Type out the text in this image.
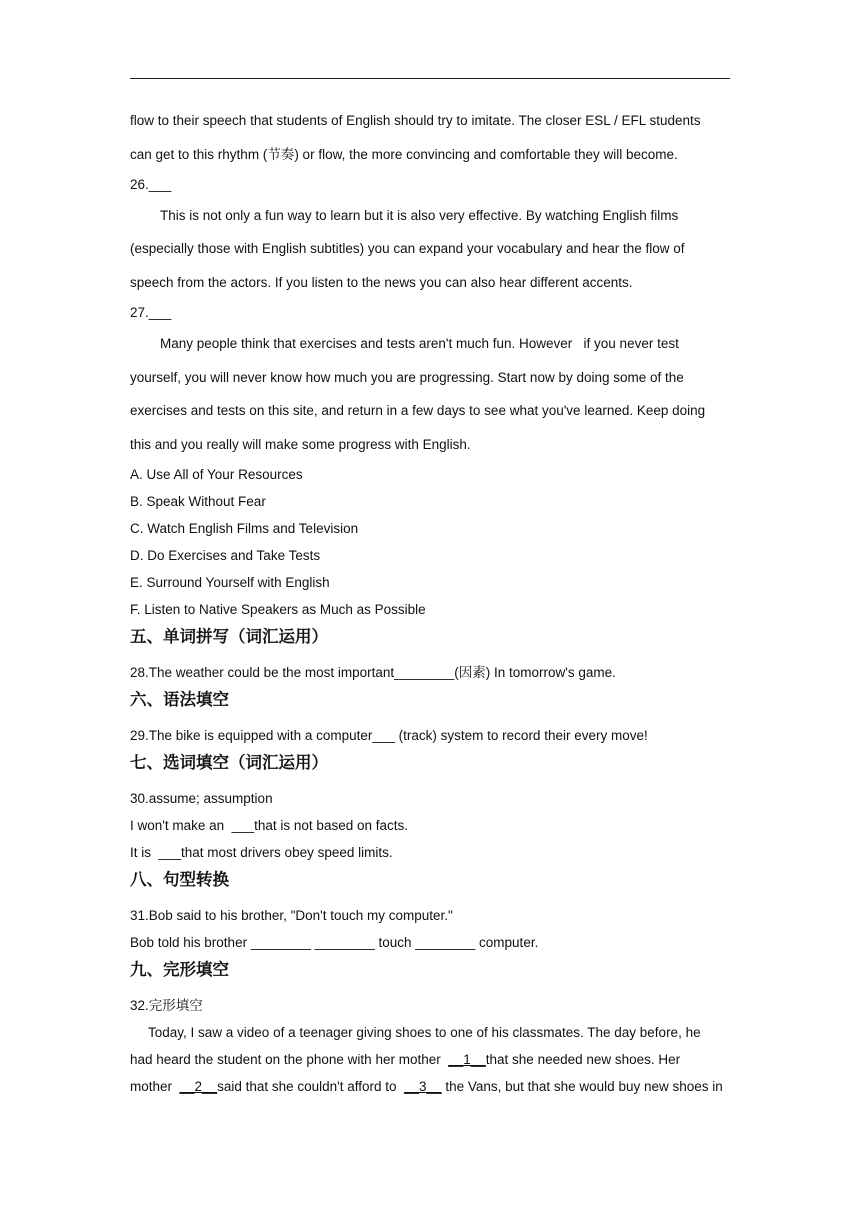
flow to their speech that students of English should try to imitate. The closer ESL / EFL students
can get to this rhythm (节奏) or flow, the more convincing and comfortable they will become.
26.___
This is not only a fun way to learn but it is also very effective. By watching English films
(especially those with English subtitles) you can expand your vocabulary and hear the flow of
speech from the actors. If you listen to the news you can also hear different accents.
27.___
Many people think that exercises and tests aren't much fun. However   if you never test
yourself, you will never know how much you are progressing. Start now by doing some of the
exercises and tests on this site, and return in a few days to see what you've learned. Keep doing
this and you really will make some progress with English.
A. Use All of Your Resources
B. Speak Without Fear
C. Watch English Films and Television
D. Do Exercises and Take Tests
E. Surround Yourself with English
F. Listen to Native Speakers as Much as Possible
五、单词拼写（词汇运用）
28.The weather could be the most important________(因素) In tomorrow's game.
六、语法填空
29.The bike is equipped with a computer___ (track) system to record their every move!
七、选词填空（词汇运用）
30.assume; assumption
I won't make an  ___that is not based on facts.
It is  ___that most drivers obey speed limits.
八、句型转换
31.Bob said to his brother, "Don't touch my computer."
Bob told his brother ________ ________ touch ________ computer.
九、完形填空
32.完形填空
Today, I saw a video of a teenager giving shoes to one of his classmates. The day before, he
had heard the student on the phone with her mother  __1__that she needed new shoes. Her
mother  __2__said that she couldn't afford to  __3__ the Vans, but that she would buy new shoes in
